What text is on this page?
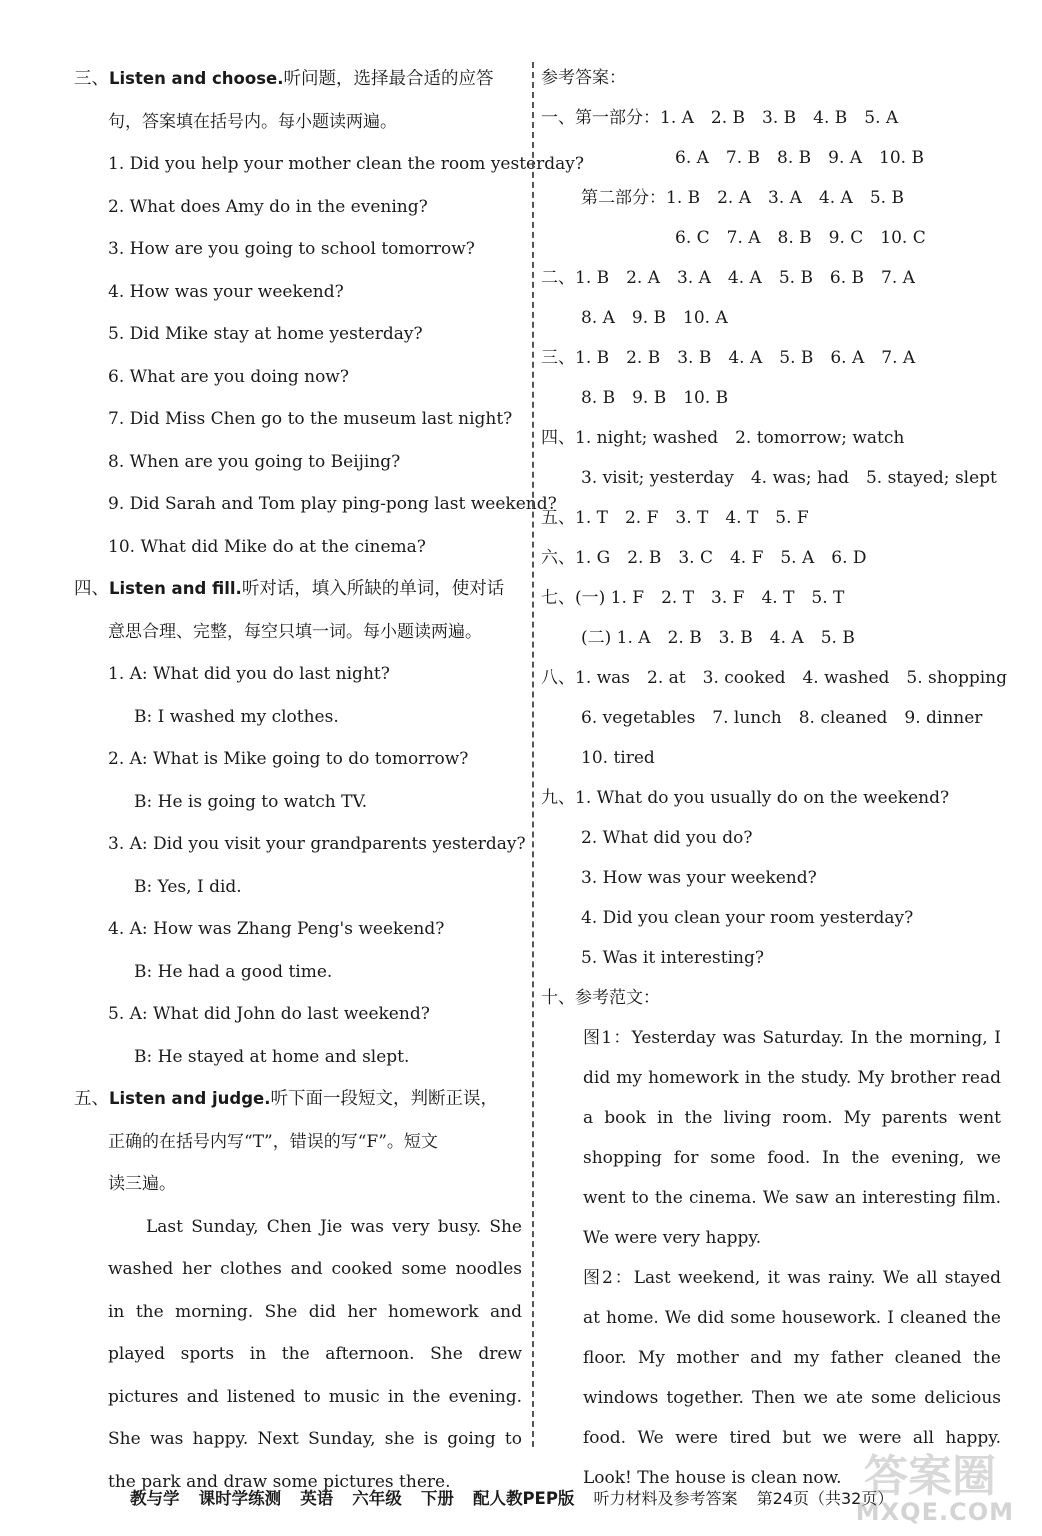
三、Listen and choose.听问题，选择最合适的应答
句，答案填在括号内。每小题读两遍。
1. Did you help your mother clean the room yesterday?
2. What does Amy do in the evening?
3. How are you going to school tomorrow?
4. How was your weekend?
5. Did Mike stay at home yesterday?
6. What are you doing now?
7. Did Miss Chen go to the museum last night?
8. When are you going to Beijing?
9. Did Sarah and Tom play ping-pong last weekend?
10. What did Mike do at the cinema?
四、Listen and fill.听对话，填入所缺的单词，使对话
意思合理、完整，每空只填一词。每小题读两遍。
1. A: What did you do last night?
B: I washed my clothes.
2. A: What is Mike going to do tomorrow?
B: He is going to watch TV.
3. A: Did you visit your grandparents yesterday?
B: Yes, I did.
4. A: How was Zhang Peng's weekend?
B: He had a good time.
5. A: What did John do last weekend?
B: He stayed at home and slept.
五、Listen and judge.听下面一段短文，判断正误，
正确的在括号内写“T”，错误的写“F”。短文
读三遍。
Last Sunday, Chen Jie was very busy. She washed her clothes and cooked some noodles in the morning. She did her homework and played sports in the afternoon. She drew pictures and listened to music in the evening. She was happy. Next Sunday, she is going to the park and draw some pictures there.
参考答案：
一、第一部分：1. A　2. B　3. B　4. B　5. A
6. A　7. B　8. B　9. A　10. B
第二部分：1. B　2. A　3. A　4. A　5. B
6. C　7. A　8. B　9. C　10. C
二、1. B　2. A　3. A　4. A　5. B　6. B　7. A
8. A　9. B　10. A
三、1. B　2. B　3. B　4. A　5. B　6. A　7. A
8. B　9. B　10. B
四、1. night; washed　2. tomorrow; watch
3. visit; yesterday　4. was; had　5. stayed; slept
五、1. T　2. F　3. T　4. T　5. F
六、1. G　2. B　3. C　4. F　5. A　6. D
七、(一) 1. F　2. T　3. F　4. T　5. T
(二) 1. A　2. B　3. B　4. A　5. B
八、1. was　2. at　3. cooked　4. washed　5. shopping
6. vegetables　7. lunch　8. cleaned　9. dinner
10. tired
九、1. What do you usually do on the weekend?
2. What did you do?
3. How was your weekend?
4. Did you clean your room yesterday?
5. Was it interesting?
十、参考范文：
图1：Yesterday was Saturday. In the morning, I did my homework in the study. My brother read a book in the living room. My parents went shopping for some food. In the evening, we went to the cinema. We saw an interesting film. We were very happy.
图2：Last weekend, it was rainy. We all stayed at home. We did some housework. I cleaned the floor. My mother and my father cleaned the windows together. Then we ate some delicious food. We were tired but we were all happy. Look! The house is clean now.
教与学 课时学练测 英语 六年级 下册 配人教PEP版 听力材料及参考答案 第24页（共32页）
答案圈
MXQE.COM
